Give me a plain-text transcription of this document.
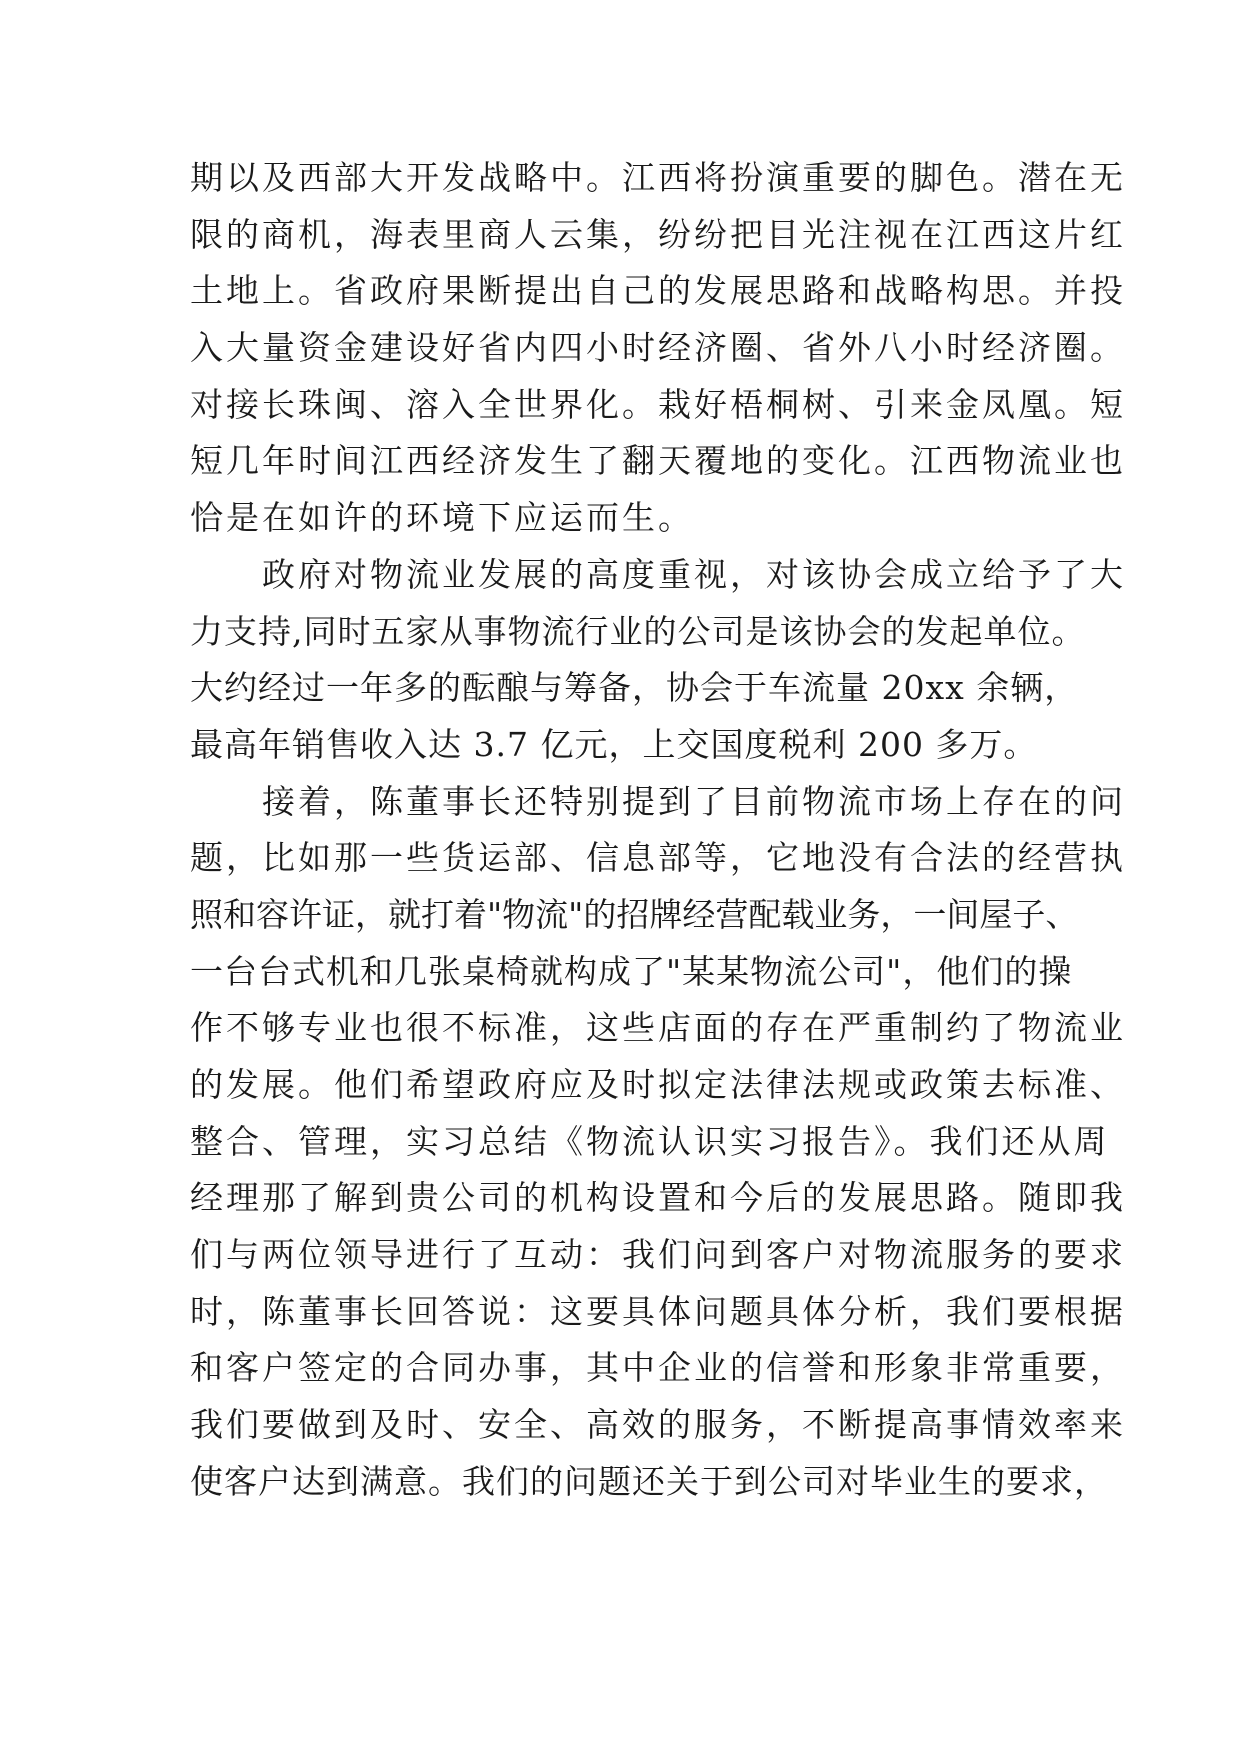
期以及西部大开发战略中。江西将扮演重要的脚色。潜在无
限的商机，海表里商人云集，纷纷把目光注视在江西这片红
土地上。省政府果断提出自己的发展思路和战略构思。并投
入大量资金建设好省内四小时经济圈、省外八小时经济圈。
对接长珠闽、溶入全世界化。栽好梧桐树、引来金凤凰。短
短几年时间江西经济发生了翻天覆地的变化。江西物流业也
恰是在如许的环境下应运而生。
　　政府对物流业发展的高度重视，对该协会成立给予了大
力支持,同时五家从事物流行业的公司是该协会的发起单位。
大约经过一年多的酝酿与筹备，协会于车流量 20xx 余辆，
最高年销售收入达 3.7 亿元，上交国度税利 200 多万。
　　接着，陈董事长还特别提到了目前物流市场上存在的问
题，比如那一些货运部、信息部等，它地没有合法的经营执
照和容许证，就打着"物流"的招牌经营配载业务，一间屋子、
一台台式机和几张桌椅就构成了"某某物流公司"，他们的操
作不够专业也很不标准，这些店面的存在严重制约了物流业
的发展。他们希望政府应及时拟定法律法规或政策去标准、
整合、管理，实习总结《物流认识实习报告》。我们还从周
经理那了解到贵公司的机构设置和今后的发展思路。随即我
们与两位领导进行了互动：我们问到客户对物流服务的要求
时，陈董事长回答说：这要具体问题具体分析，我们要根据
和客户签定的合同办事，其中企业的信誉和形象非常重要，
我们要做到及时、安全、高效的服务，不断提高事情效率来
使客户达到满意。我们的问题还关于到公司对毕业生的要求，
